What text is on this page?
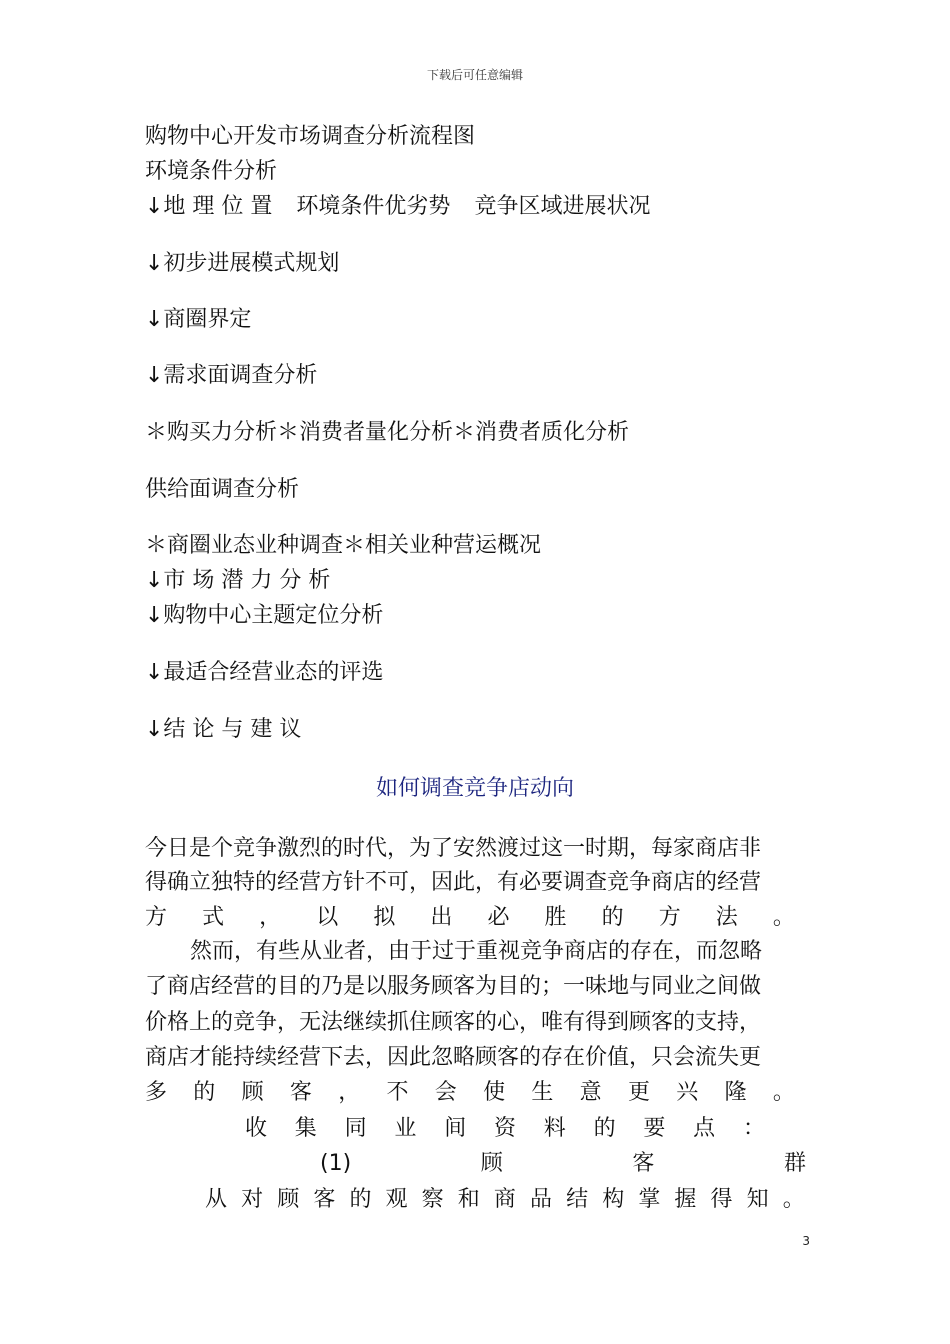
下载后可任意编辑
购物中心开发市场调查分析流程图
环境条件分析
↓地 理 位 置 环境条件优劣势 竞争区域进展状况
↓初步进展模式规划
↓商圈界定
↓需求面调查分析
＊购买力分析＊消费者量化分析＊消费者质化分析
供给面调查分析
＊商圈业态业种调查＊相关业种营运概况
↓市 场 潜 力 分 析
↓购物中心主题定位分析
↓最适合经营业态的评选
↓结 论 与 建 议
如何调查竞争店动向
今日是个竞争激烈的时代，为了安然渡过这一时期，每家商店非
得确立独特的经营方针不可，因此，有必要调查竞争商店的经营
方 式 ， 以 拟 出 必 胜 的 方 法 。
然而，有些从业者，由于过于重视竞争商店的存在，而忽略
了商店经营的目的乃是以服务顾客为目的；一味地与同业之间做
价格上的竞争，无法继续抓住顾客的心，唯有得到顾客的支持，
商店才能持续经营下去，因此忽略顾客的存在价值，只会流失更
多 的 顾 客 ， 不 会 使 生 意 更 兴 隆 。
收 集 同 业 间 资 料 的 要 点 ：
(1)	顾	客	群
从 对 顾 客 的 观 察 和 商 品 结 构 掌 握 得 知 。
3
